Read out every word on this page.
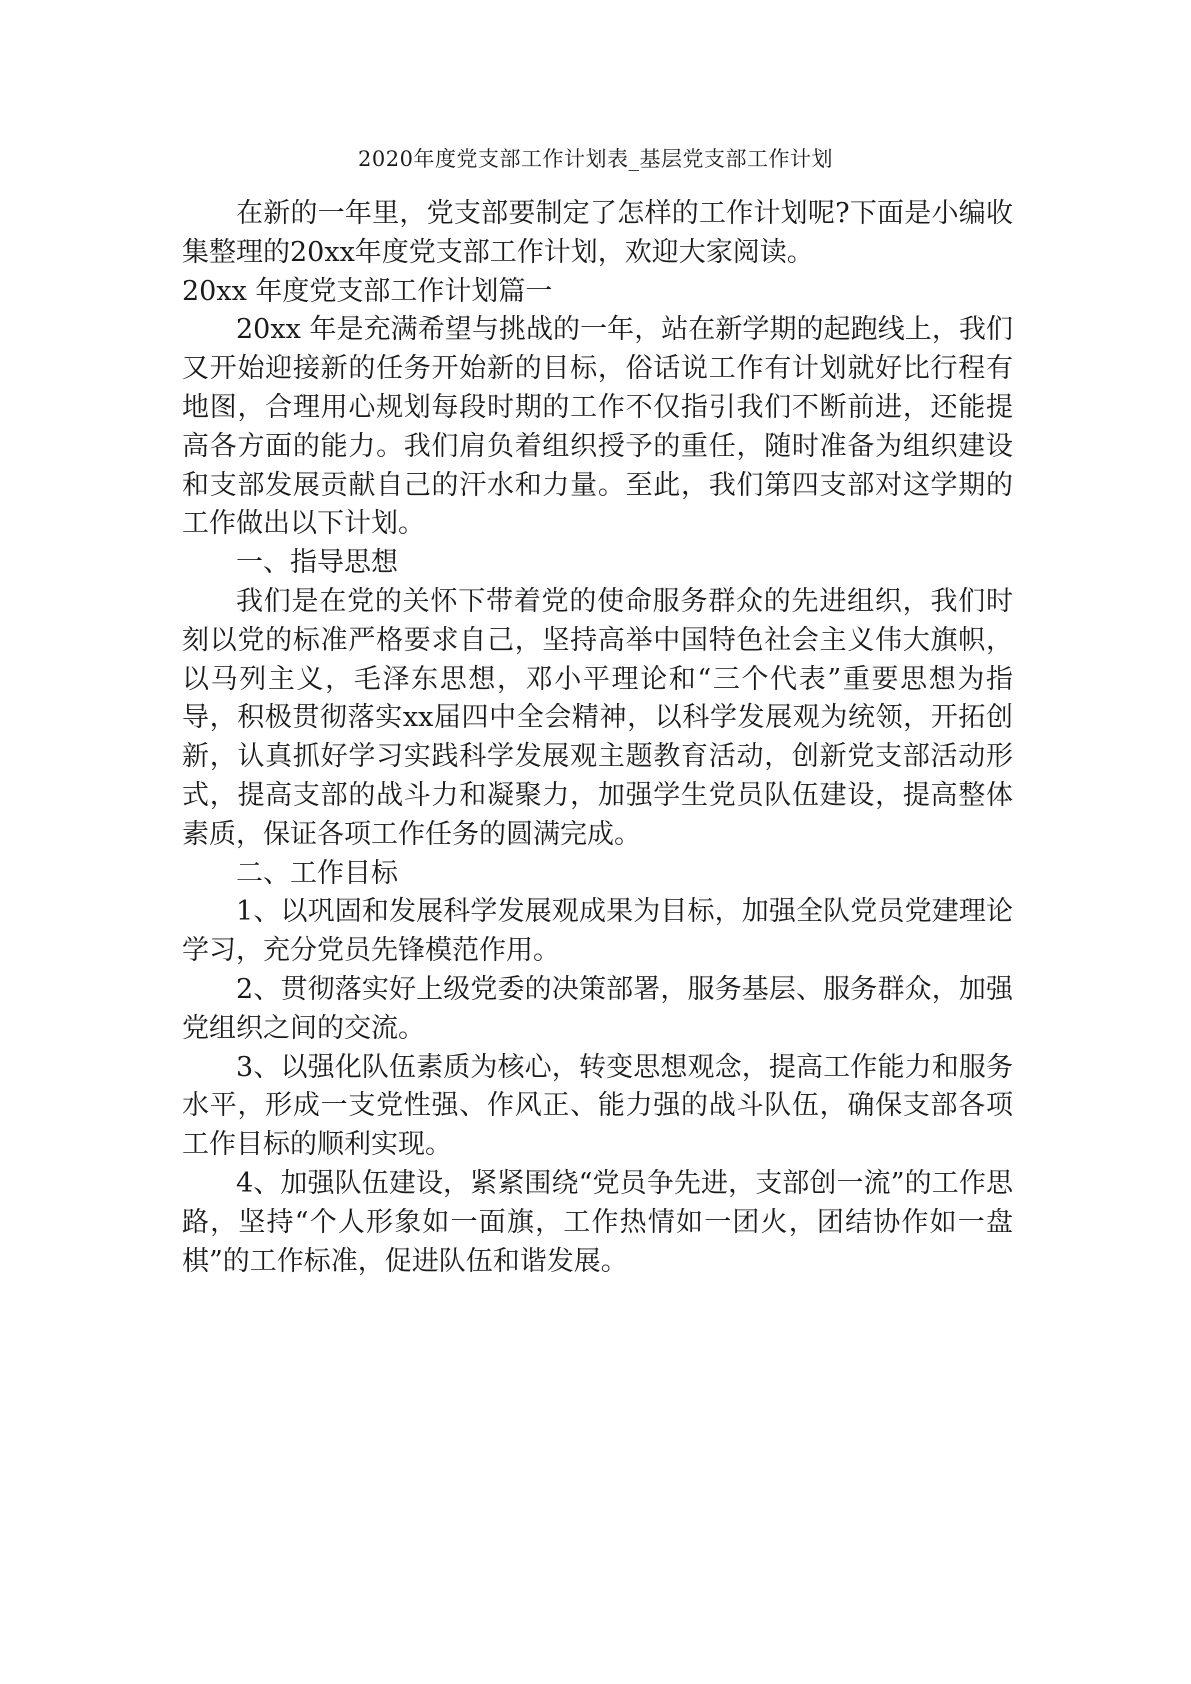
2020年度党支部工作计划表_基层党支部工作计划

在新的一年里，党支部要制定了怎样的工作计划呢?下面是小编收集整理的20xx年度党支部工作计划，欢迎大家阅读。

20xx 年度党支部工作计划篇一

20xx 年是充满希望与挑战的一年，站在新学期的起跑线上，我们又开始迎接新的任务开始新的目标，俗话说工作有计划就好比行程有地图，合理用心规划每段时期的工作不仅指引我们不断前进，还能提高各方面的能力。我们肩负着组织授予的重任，随时准备为组织建设和支部发展贡献自己的汗水和力量。至此，我们第四支部对这学期的工作做出以下计划。

一、指导思想

我们是在党的关怀下带着党的使命服务群众的先进组织，我们时刻以党的标准严格要求自己，坚持高举中国特色社会主义伟大旗帜，以马列主义，毛泽东思想，邓小平理论和“三个代表”重要思想为指导，积极贯彻落实xx届四中全会精神，以科学发展观为统领，开拓创新，认真抓好学习实践科学发展观主题教育活动，创新党支部活动形式，提高支部的战斗力和凝聚力，加强学生党员队伍建设，提高整体素质，保证各项工作任务的圆满完成。

二、工作目标

1、以巩固和发展科学发展观成果为目标，加强全队党员党建理论学习，充分党员先锋模范作用。

2、贯彻落实好上级党委的决策部署，服务基层、服务群众，加强党组织之间的交流。

3、以强化队伍素质为核心，转变思想观念，提高工作能力和服务水平，形成一支党性强、作风正、能力强的战斗队伍，确保支部各项工作目标的顺利实现。

4、加强队伍建设，紧紧围绕“党员争先进，支部创一流”的工作思路，坚持“个人形象如一面旗，工作热情如一团火，团结协作如一盘棋”的工作标准，促进队伍和谐发展。
